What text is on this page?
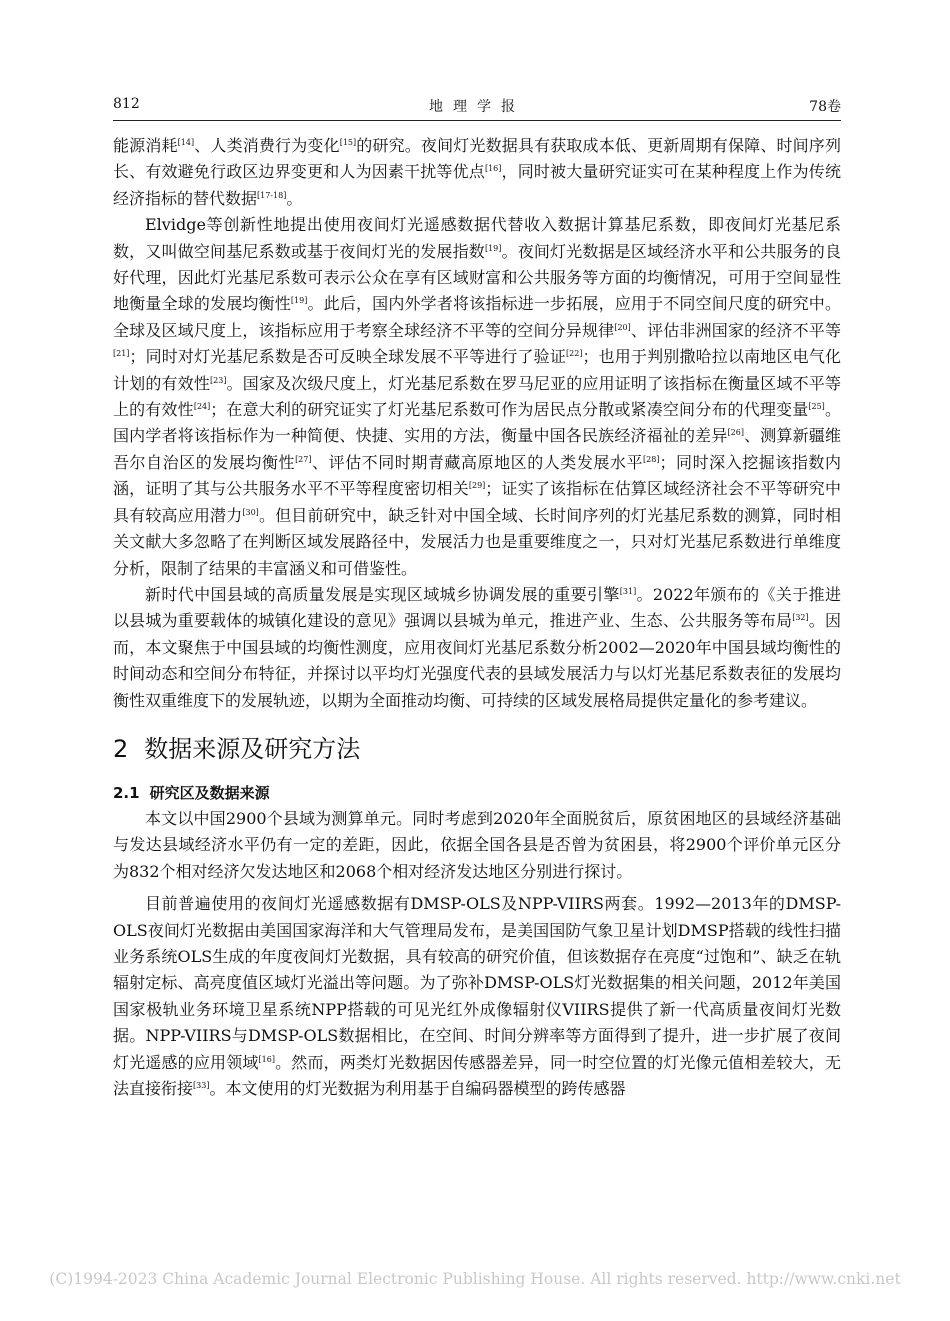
812	地理学报	78卷

能源消耗[14]、人类消费行为变化[15]的研究。夜间灯光数据具有获取成本低、更新周期有保障、时间序列长、有效避免行政区边界变更和人为因素干扰等优点[16]，同时被大量研究证实可在某种程度上作为传统经济指标的替代数据[17-18]。

Elvidge等创新性地提出使用夜间灯光遥感数据代替收入数据计算基尼系数，即夜间灯光基尼系数，又叫做空间基尼系数或基于夜间灯光的发展指数[19]。夜间灯光数据是区域经济水平和公共服务的良好代理，因此灯光基尼系数可表示公众在享有区域财富和公共服务等方面的均衡情况，可用于空间显性地衡量全球的发展均衡性[19]。此后，国内外学者将该指标进一步拓展，应用于不同空间尺度的研究中。全球及区域尺度上，该指标应用于考察全球经济不平等的空间分异规律[20]、评估非洲国家的经济不平等[21]；同时对灯光基尼系数是否可反映全球发展不平等进行了验证[22]；也用于判别撒哈拉以南地区电气化计划的有效性[23]。国家及次级尺度上，灯光基尼系数在罗马尼亚的应用证明了该指标在衡量区域不平等上的有效性[24]；在意大利的研究证实了灯光基尼系数可作为居民点分散或紧凑空间分布的代理变量[25]。国内学者将该指标作为一种简便、快捷、实用的方法，衡量中国各民族经济福祉的差异[26]、测算新疆维吾尔自治区的发展均衡性[27]、评估不同时期青藏高原地区的人类发展水平[28]；同时深入挖掘该指数内涵，证明了其与公共服务水平不平等程度密切相关[29]；证实了该指标在估算区域经济社会不平等研究中具有较高应用潜力[30]。但目前研究中，缺乏针对中国全域、长时间序列的灯光基尼系数的测算，同时相关文献大多忽略了在判断区域发展路径中，发展活力也是重要维度之一，只对灯光基尼系数进行单维度分析，限制了结果的丰富涵义和可借鉴性。

新时代中国县域的高质量发展是实现区域城乡协调发展的重要引擎[31]。2022年颁布的《关于推进以县城为重要载体的城镇化建设的意见》强调以县城为单元，推进产业、生态、公共服务等布局[32]。因而，本文聚焦于中国县域的均衡性测度，应用夜间灯光基尼系数分析2002—2020年中国县域均衡性的时间动态和空间分布特征，并探讨以平均灯光强度代表的县域发展活力与以灯光基尼系数表征的发展均衡性双重维度下的发展轨迹，以期为全面推动均衡、可持续的区域发展格局提供定量化的参考建议。

2 数据来源及研究方法
2.1 研究区及数据来源

本文以中国2900个县域为测算单元。同时考虑到2020年全面脱贫后，原贫困地区的县域经济基础与发达县域经济水平仍有一定的差距，因此，依据全国各县是否曾为贫困县，将2900个评价单元区分为832个相对经济欠发达地区和2068个相对经济发达地区分别进行探讨。

目前普遍使用的夜间灯光遥感数据有DMSP-OLS及NPP-VIIRS两套。1992—2013年的DMSP-OLS夜间灯光数据由美国国家海洋和大气管理局发布，是美国国防气象卫星计划DMSP搭载的线性扫描业务系统OLS生成的年度夜间灯光数据，具有较高的研究价值，但该数据存在亮度“过饱和”、缺乏在轨辐射定标、高亮度值区域灯光溢出等问题。为了弥补DMSP-OLS灯光数据集的相关问题，2012年美国国家极轨业务环境卫星系统NPP搭载的可见光红外成像辐射仪VIIRS提供了新一代高质量夜间灯光数据。NPP-VIIRS与DMSP-OLS数据相比，在空间、时间分辨率等方面得到了提升，进一步扩展了夜间灯光遥感的应用领域[16]。然而，两类灯光数据因传感器差异，同一时空位置的灯光像元值相差较大，无法直接衔接[33]。本文使用的灯光数据为利用基于自编码器模型的跨传感器

(C)1994-2023 China Academic Journal Electronic Publishing House. All rights reserved. http://www.cnki.net
